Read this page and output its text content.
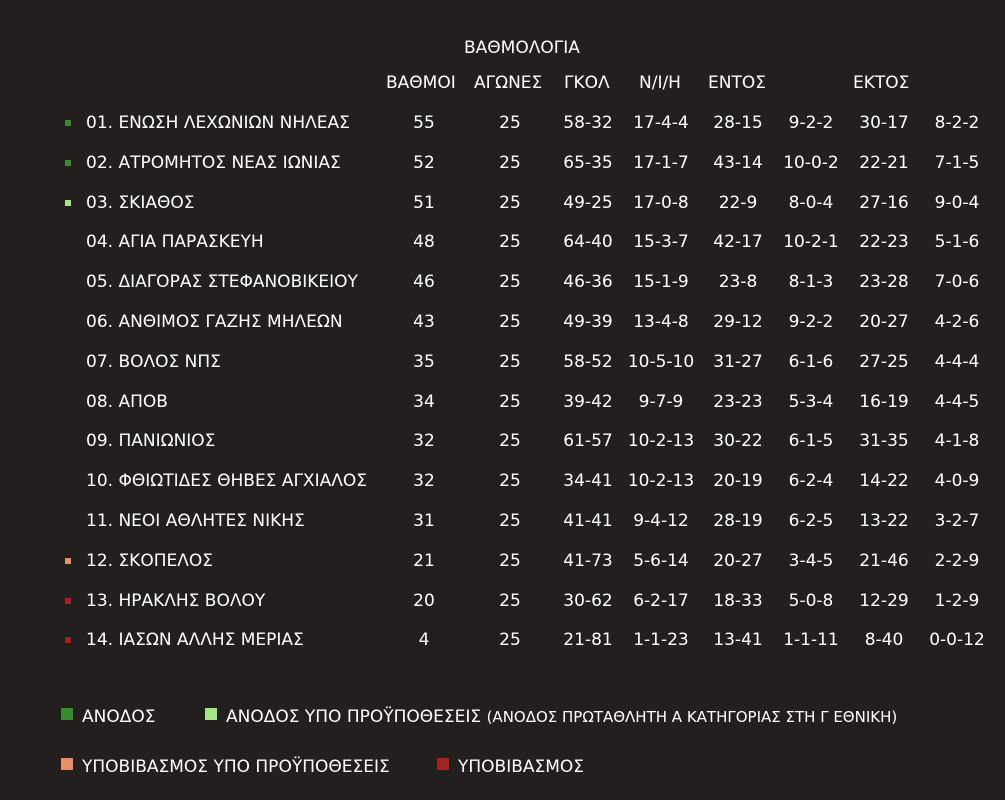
ΒΑΘΜΟΛΟΓΙΑ
ΒΑΘΜΟΙ ΑΓΩΝΕΣ ΓΚΟΛ Ν/Ι/Η ΕΝΤΟΣ	ΕΚΤΟΣ
01. ΕΝΩΣΗ ΛΕΧΩΝΙΩΝ ΝΗΛΕΑΣ	55	25	58-32	17-4-4	28-15	9-2-2	30-17	8-2-2
02. ΑΤΡΟΜΗΤΟΣ ΝΕΑΣ ΙΩΝΙΑΣ	52	25	65-35	17-1-7	43-14	10-0-2	22-21	7-1-5
03. ΣΚΙΑΘΟΣ	51	25	49-25	17-0-8	22-9	8-0-4	27-16	9-0-4
04. ΑΓΙΑ ΠΑΡΑΣΚΕΥΗ	48	25	64-40	15-3-7	42-17	10-2-1	22-23	5-1-6
05. ΔΙΑΓΟΡΑΣ ΣΤΕΦΑΝΟΒΙΚΕΙΟΥ	46	25	46-36	15-1-9	23-8	8-1-3	23-28	7-0-6
06. ΑΝΘΙΜΟΣ ΓΑΖΗΣ ΜΗΛΕΩΝ	43	25	49-39	13-4-8	29-12	9-2-2	20-27	4-2-6
07. ΒΟΛΟΣ ΝΠΣ	35	25	58-52 10-5-10	31-27	6-1-6	27-25	4-4-4
08. ΑΠΟΒ	34	25	39-42	9-7-9	23-23	5-3-4	16-19	4-4-5
09. ΠΑΝΙΩΝΙΟΣ	32	25	61-57 10-2-13	30-22	6-1-5	31-35	4-1-8
10. ΦΘΙΩΤΙΔΕΣ ΘΗΒΕΣ ΑΓΧΙΑΛΟΣ	32	25	34-41 10-2-13	20-19	6-2-4	14-22	4-0-9
11. ΝΕΟΙ ΑΘΛΗΤΕΣ ΝΙΚΗΣ	31	25	41-41	9-4-12	28-19	6-2-5	13-22	3-2-7
12. ΣΚΟΠΕΛΟΣ	21	25	41-73	5-6-14	20-27	3-4-5	21-46	2-2-9
13. ΗΡΑΚΛΗΣ ΒΟΛΟΥ	20	25	30-62	6-2-17	18-33	5-0-8	12-29	1-2-9
14. ΙΑΣΩΝ ΑΛΛΗΣ ΜΕΡΙΑΣ	4	25	21-81	1-1-23	13-41	1-1-11	8-40	0-0-12
ΑΝΟΔΟΣ	ΑΝΟΔΟΣ ΥΠΟ ΠΡΟΫΠΟΘΕΣΕΙΣ (ΑΝΟΔΟΣ ΠΡΩΤΑΘΛΗΤΗ Α ΚΑΤΗΓΟΡΙΑΣ ΣΤΗ Γ ΕΘΝΙΚΗ)
ΥΠΟΒΙΒΑΣΜΟΣ ΥΠΟ ΠΡΟΫΠΟΘΕΣΕΙΣ	ΥΠΟΒΙΒΑΣΜΟΣ
